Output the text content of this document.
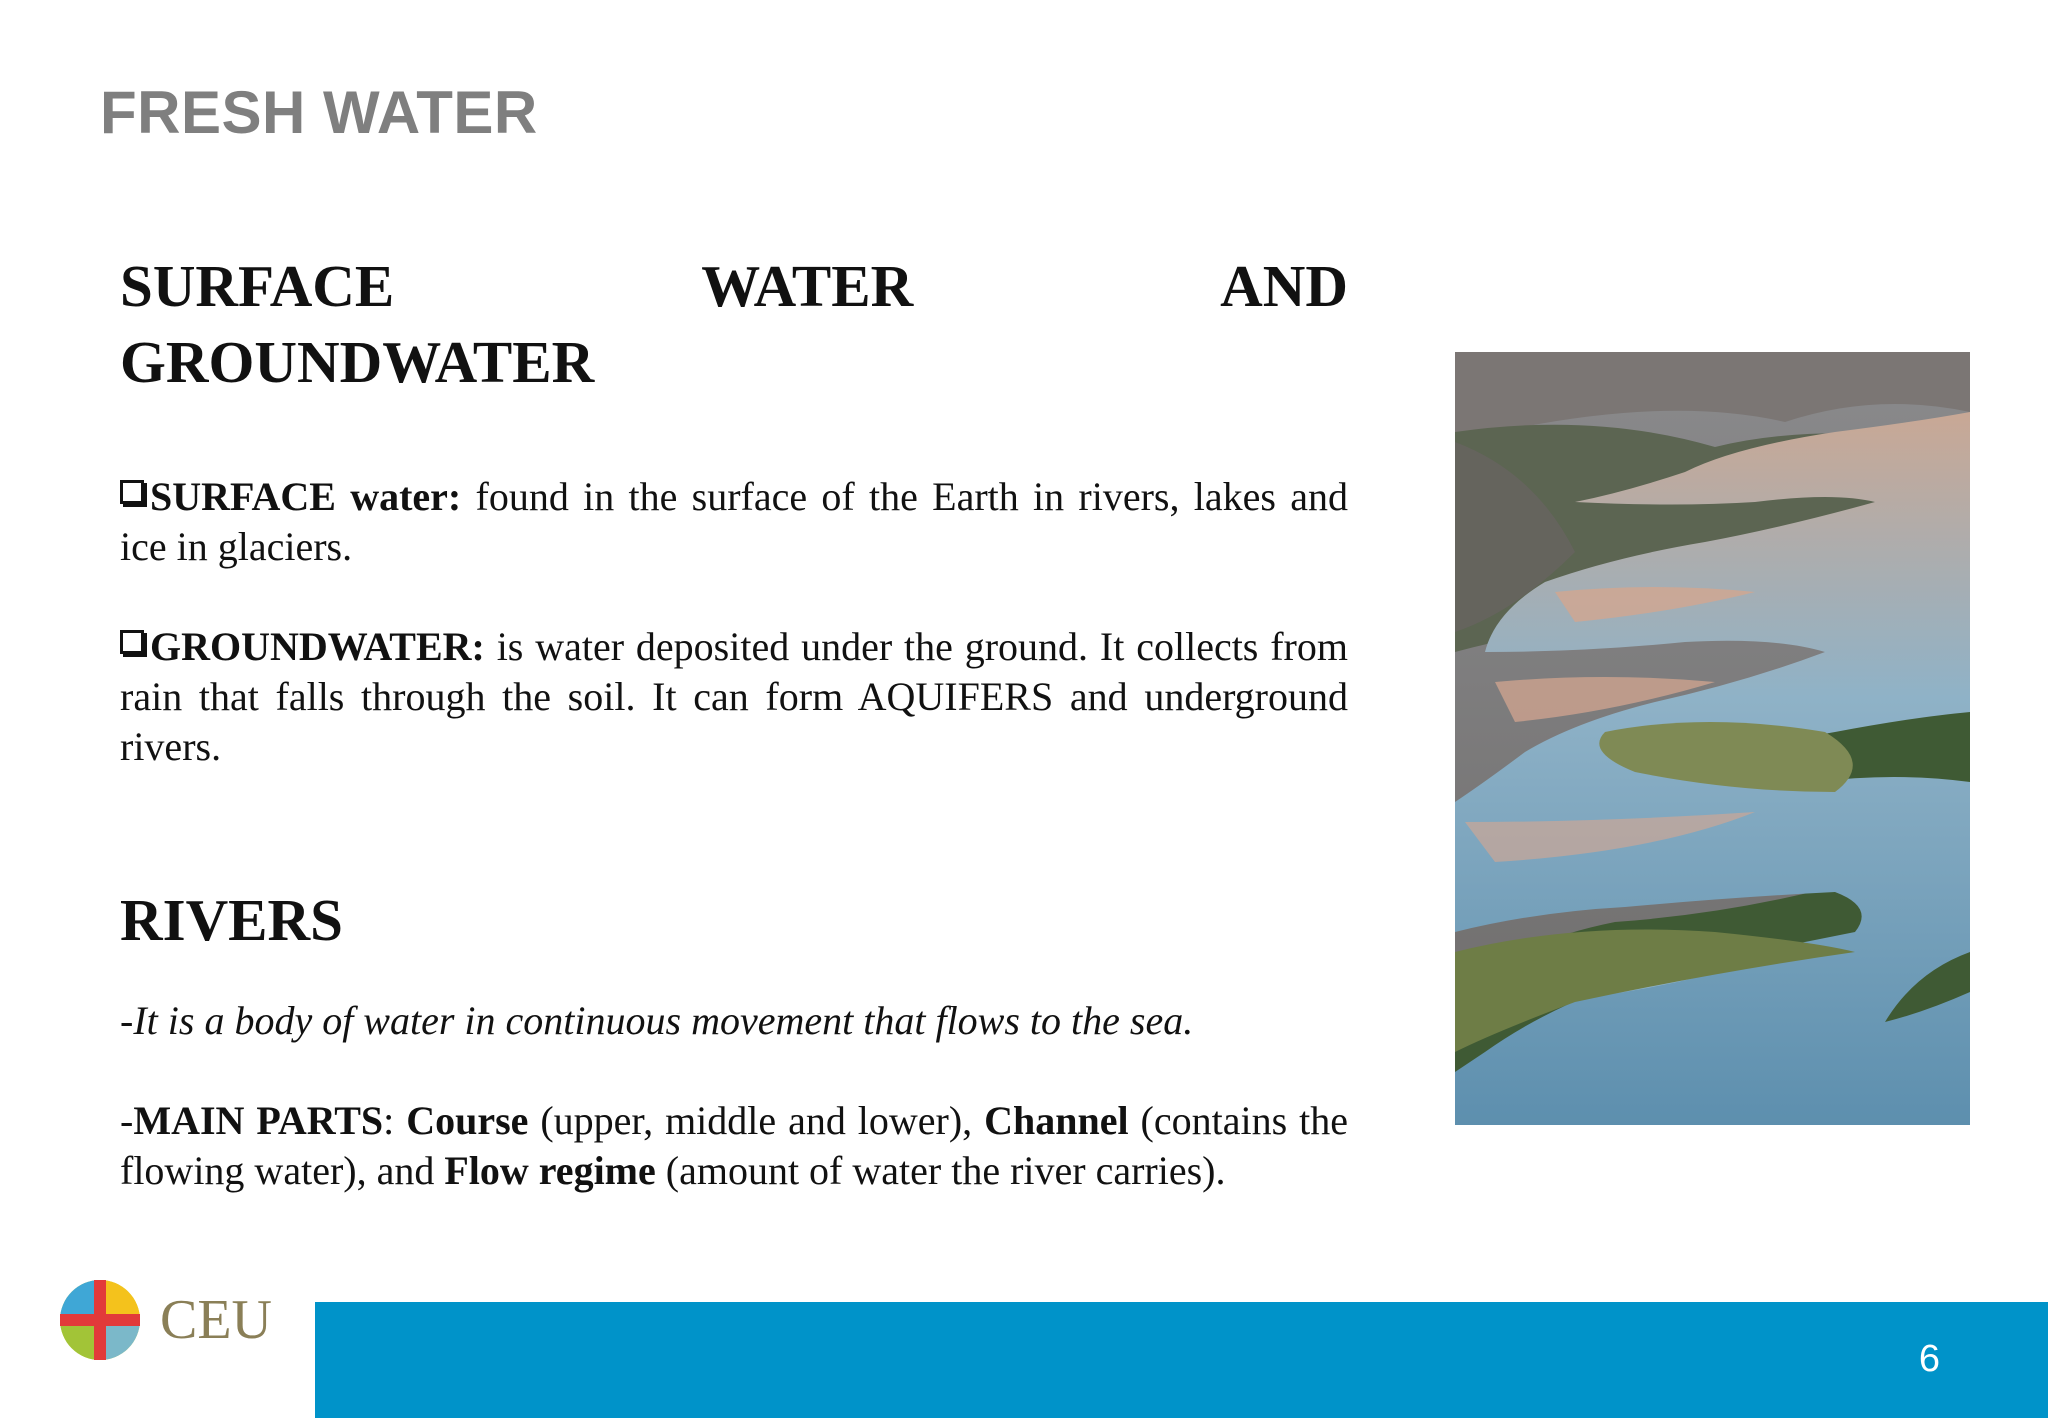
FRESH WATER
SURFACE	WATER	AND
GROUNDWATER

SURFACE water: found in the surface of the Earth in rivers, lakes and ice in glaciers.

GROUNDWATER: is water deposited under the ground. It collects from rain that falls through the soil. It can form AQUIFERS and underground rivers.

RIVERS

-It is a body of water in continuous movement that flows to the sea.

-MAIN PARTS: Course (upper, middle and lower), Channel (contains the flowing water), and Flow regime (amount of water the river carries).

CEU
6
